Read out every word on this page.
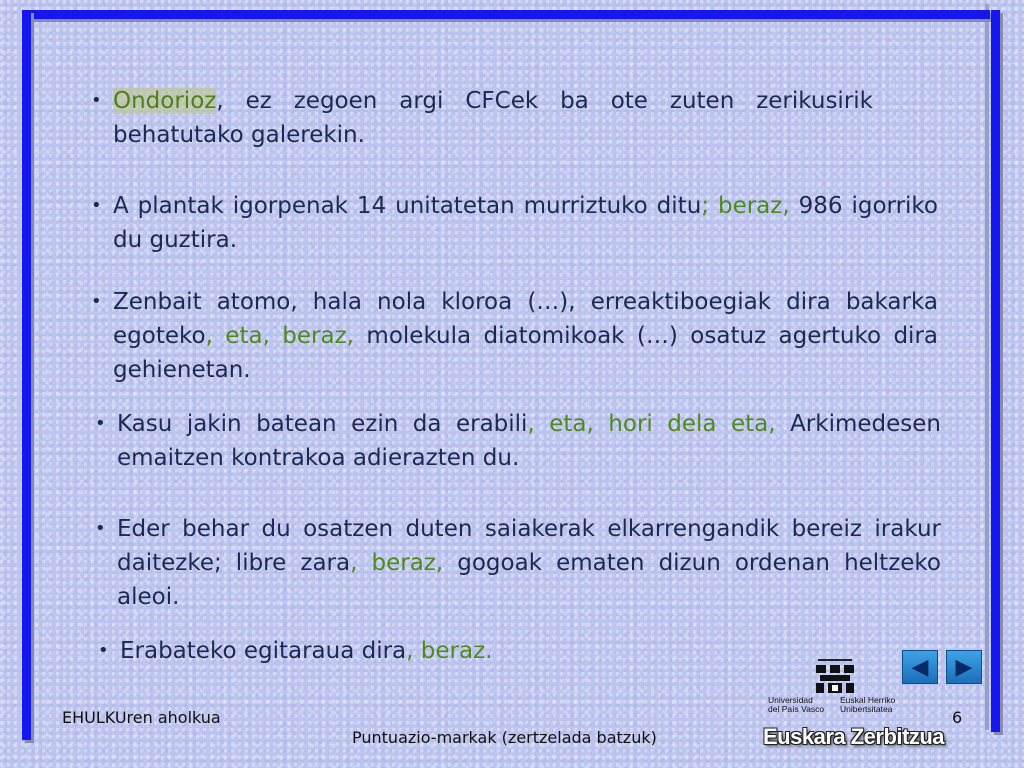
• Ondorioz, ez zegoen argi CFCek ba ote zuten zerikusirik behatutako galerekin.
• A plantak igorpenak 14 unitatetan murriztuko ditu; beraz, 986 igorriko du guztira.
• Zenbait atomo, hala nola kloroa (…), erreaktiboegiak dira bakarka egoteko, eta, beraz, molekula diatomikoak (…) osatuz agertuko dira gehienetan.
• Kasu jakin batean ezin da erabili, eta, hori dela eta, Arkimedesen emaitzen kontrakoa adierazten du.
• Eder behar du osatzen duten saiakerak elkarrengandik bereiz irakur daitezke; libre zara, beraz, gogoak ematen dizun ordenan heltzeko aleoi.
• Erabateko egitaraua dira, beraz.
EHULKUren aholkua
Puntuazio-markak (zertzelada batzuk)
6
Universidad
del País Vasco
Euskal Herriko
Unibertsitatea
Euskara Zerbitzua
◀	▶
